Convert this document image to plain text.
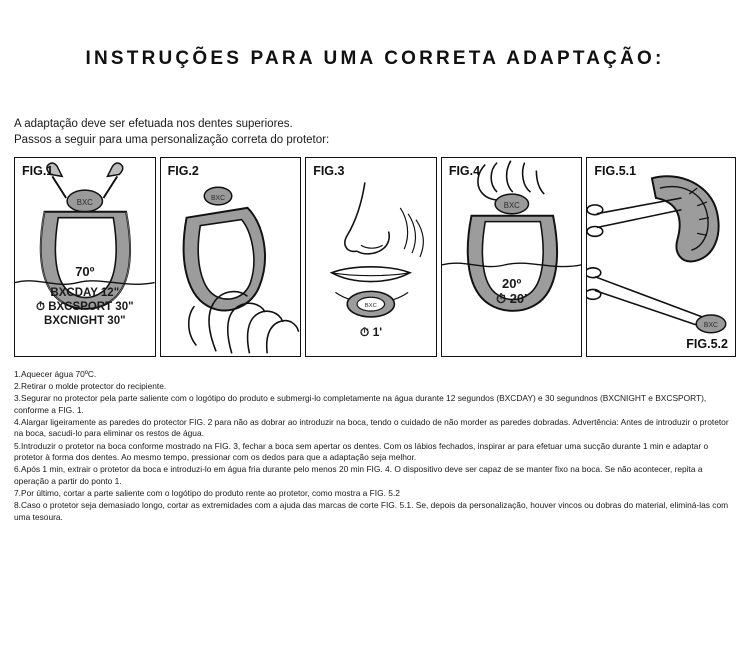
INSTRUÇÕES PARA UMA CORRETA ADAPTAÇÃO:

A adaptação deve ser efetuada nos dentes superiores.

Passos a seguir para uma personalização correta do protetor:

FIG.1
BXC
70º
BXCDAY 12"
⏱ BXCSPORT 30"
BXCNIGHT 30"
FIG.2
BXC
FIG.3
BXC
⏱ 1'
FIG.4
BXC
20º
⏱ 20'
FIG.5.1
FIG.5.2
BXC

1.Aquecer água 70ºC.

2.Retirar o molde protector do recipiente.

3.Segurar no protector pela parte saliente com o logótipo do produto e submergi-lo completamente na água durante 12 segundos (BXCDAY) e 30 segundnos (BXCNIGHT e BXCSPORT), conforme a FIG. 1.

4.Alargar ligeiramente as paredes do protector FIG. 2 para não as dobrar ao introduzir na boca, tendo o cuidado de não morder as paredes dobradas. Advertência: Antes de introduzir o protetor na boca, sacudi-lo para eliminar os restos de água.

5.Introduzir o protetor na boca conforme mostrado na FIG. 3, fechar a boca sem apertar os dentes. Com os lábios fechados, inspirar ar para efetuar uma sucção durante 1 min e adaptar o protetor à forma dos dentes. Ao mesmo tempo, pressionar com os dedos para que a adaptação seja melhor.

6.Após 1 min, extrair o protetor da boca e introduzi-lo em água fria durante pelo menos 20 min FIG. 4. O dispositivo deve ser capaz de se manter fixo na boca. Se não acontecer, repita a operação a partir do ponto 1.

7.Por último, cortar a parte saliente com o logótipo do produto rente ao protetor, como mostra a FIG. 5.2

8.Caso o protetor seja demasiado longo, cortar as extremidades com a ajuda das marcas de corte FIG. 5.1. Se, depois da personalização, houver vincos ou dobras do material, eliminá-las com uma tesoura.
